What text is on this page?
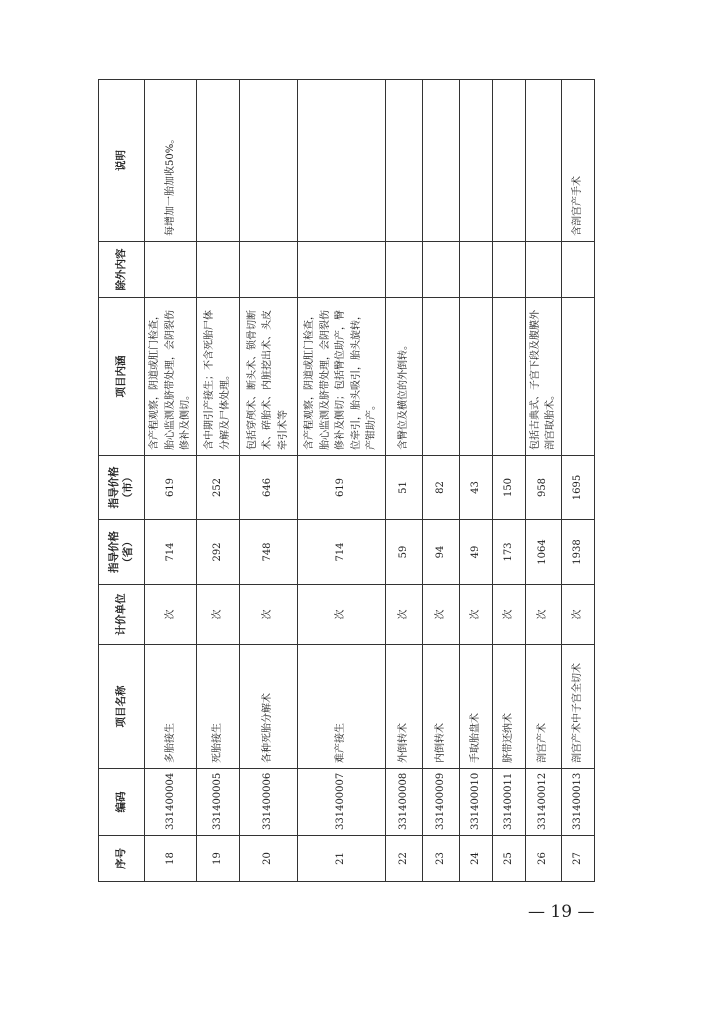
序号	编码	项目名称	计价单位	指导价格（省）	指导价格（市）	项目内涵	除外内容	说明
18	331400004	多胎接生	次	714	619	含产程观察，阴道或肛门检查，胎心监测及脐带处理，会阴裂伤修补及侧切。		每增加一胎加收50%。
19	331400005	死胎接生	次	292	252	含中期引产接生；不含死胎尸体分解及尸体处理。		
20	331400006	各种死胎分解术	次	748	646	包括穿颅术、断头术、锁骨切断术、碎胎术、内脏挖出术、头皮牵引术等		
21	331400007	难产接生	次	714	619	含产程观察，阴道或肛门检查，胎心监测及脐带处理，会阴裂伤修补及侧切；包括臀位助产，臀位牵引，胎头吸引，胎头旋转，产钳助产。		
22	331400008	外倒转术	次	59	51	含臀位及横位的外倒转。		
23	331400009	内倒转术	次	94	82			
24	331400010	手取胎盘术	次	49	43			
25	331400011	脐带还纳术	次	173	150			
26	331400012	剖宫产术	次	1064	958	包括古典式、子宫下段及腹膜外剖宫取胎术。		
27	331400013	剖宫产术中子宫全切术	次	1938	1695			含剖宫产手术
— 19 —
